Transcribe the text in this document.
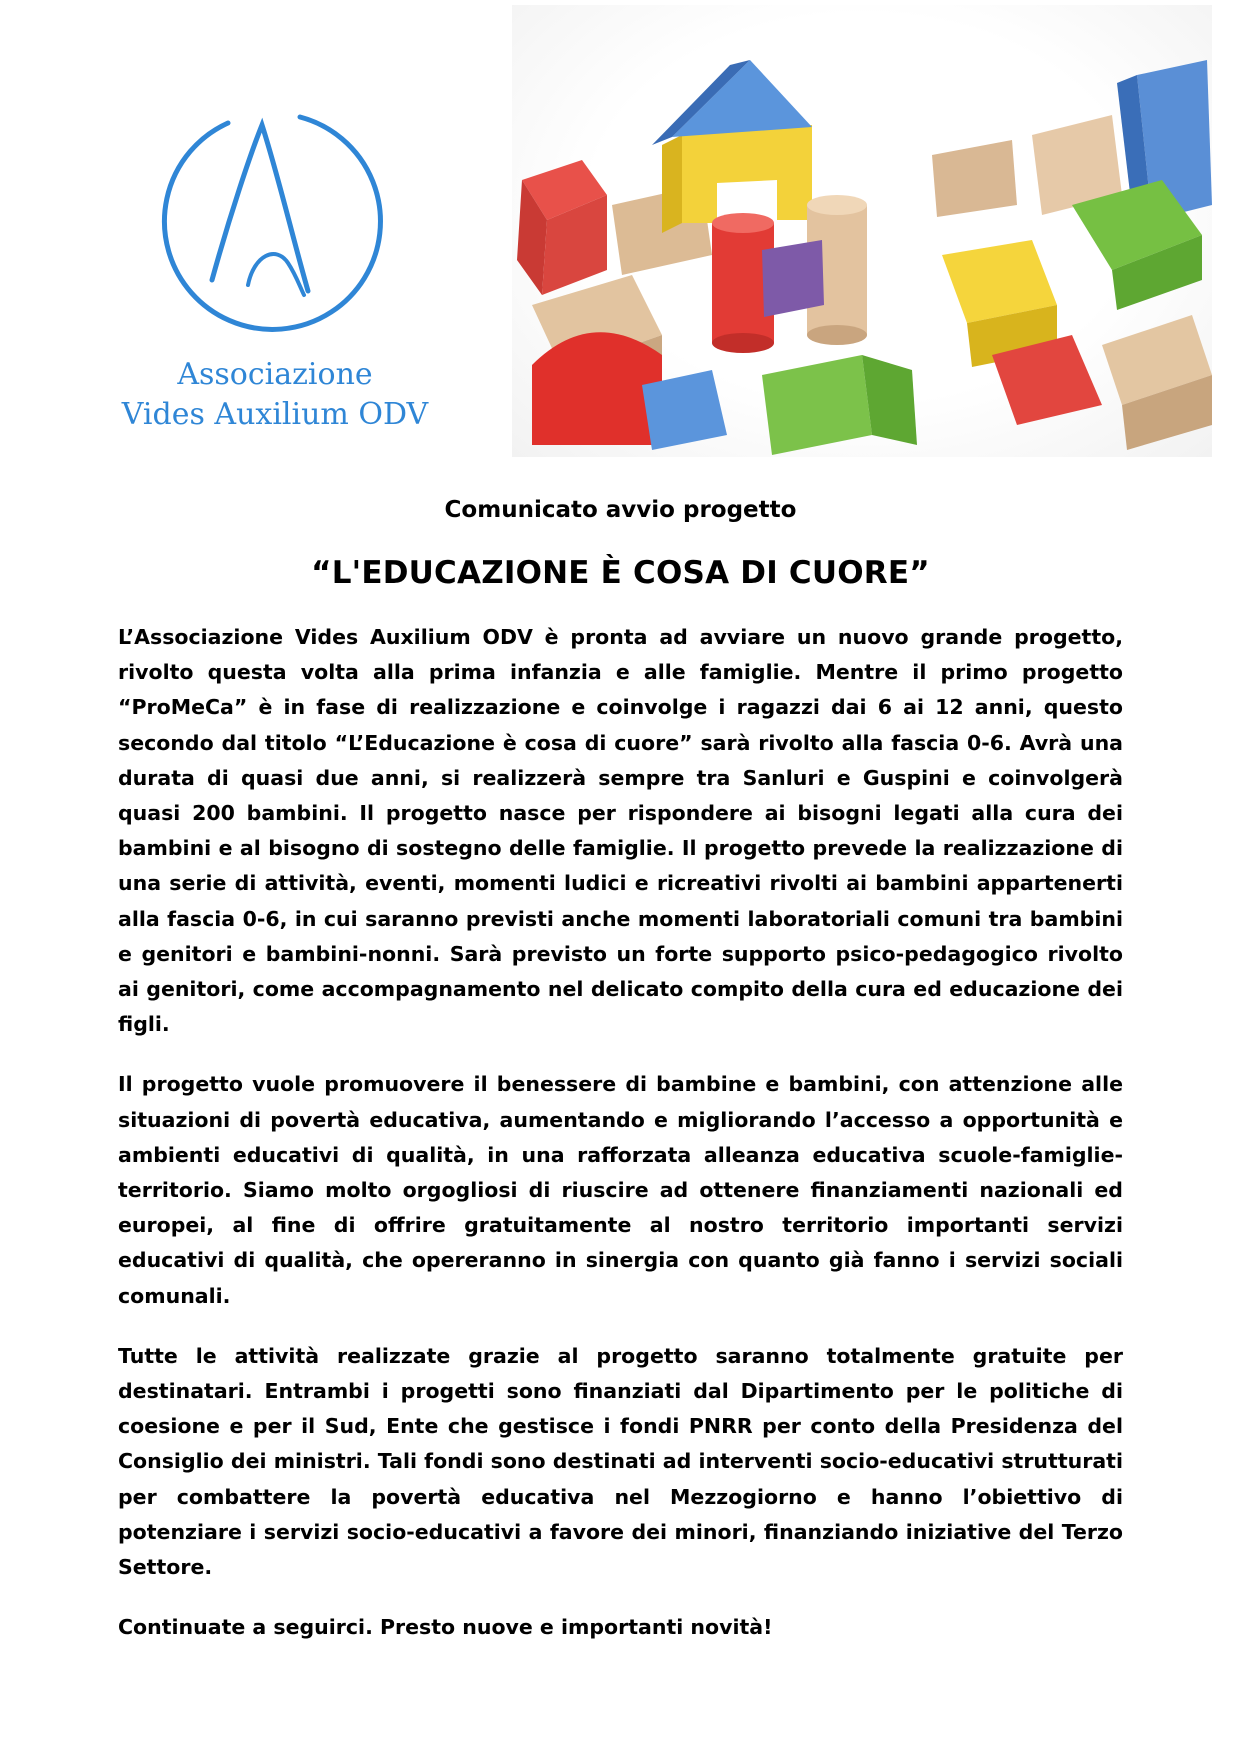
Associazione
Vides Auxilium ODV
Comunicato avvio progetto
“L'EDUCAZIONE È COSA DI CUORE”

L’Associazione Vides Auxilium ODV è pronta ad avviare un nuovo grande progetto, rivolto questa volta alla prima infanzia e alle famiglie. Mentre il primo progetto “ProMeCa” è in fase di realizzazione e coinvolge i ragazzi dai 6 ai 12 anni, questo secondo dal titolo “L’Educazione è cosa di cuore” sarà rivolto alla fascia 0-6. Avrà una durata di quasi due anni, si realizzerà sempre tra Sanluri e Guspini e coinvolgerà quasi 200 bambini. Il progetto nasce per rispondere ai bisogni legati alla cura dei bambini e al bisogno di sostegno delle famiglie. Il progetto prevede la realizzazione di una serie di attività, eventi, momenti ludici e ricreativi rivolti ai bambini appartenerti alla fascia 0-6, in cui saranno previsti anche momenti laboratoriali comuni tra bambini e genitori e bambini-nonni. Sarà previsto un forte supporto psico-pedagogico rivolto ai genitori, come accompagnamento nel delicato compito della cura ed educazione dei figli.

Il progetto vuole promuovere il benessere di bambine e bambini, con attenzione alle situazioni di povertà educativa, aumentando e migliorando l’accesso a opportunità e ambienti educativi di qualità, in una rafforzata alleanza educativa scuole-famiglie-territorio. Siamo molto orgogliosi di riuscire ad ottenere finanziamenti nazionali ed europei, al fine di offrire gratuitamente al nostro territorio importanti servizi educativi di qualità, che opereranno in sinergia con quanto già fanno i servizi sociali comunali.

Tutte le attività realizzate grazie al progetto saranno totalmente gratuite per destinatari. Entrambi i progetti sono finanziati dal Dipartimento per le politiche di coesione e per il Sud, Ente che gestisce i fondi PNRR per conto della Presidenza del Consiglio dei ministri. Tali fondi sono destinati ad interventi socio-educativi strutturati per combattere la povertà educativa nel Mezzogiorno e hanno l’obiettivo di potenziare i servizi socio-educativi a favore dei minori, finanziando iniziative del Terzo Settore.

Continuate a seguirci. Presto nuove e importanti novità!
